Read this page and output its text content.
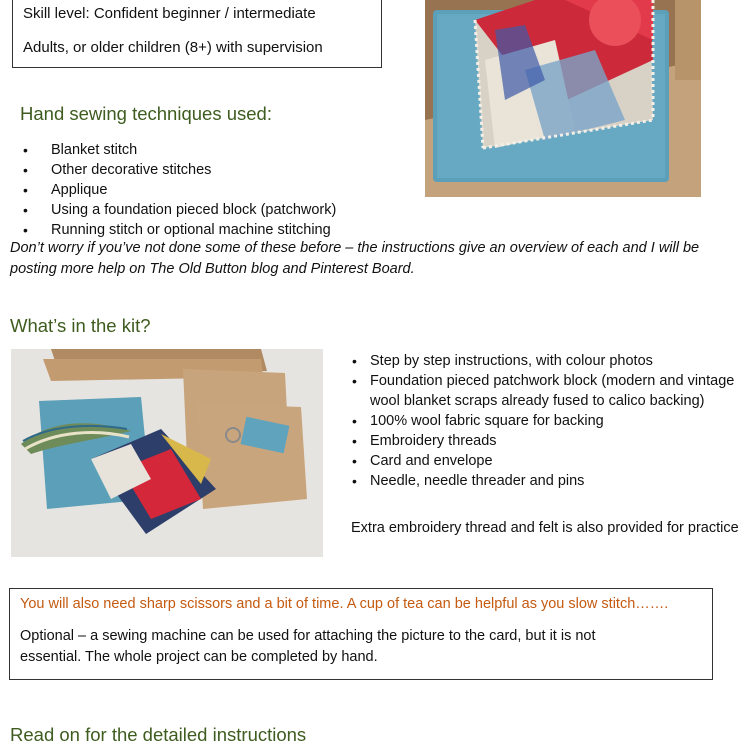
Skill level: Confident beginner / intermediate

Adults, or older children (8+) with supervision

Hand sewing techniques used:
• Blanket stitch
• Other decorative stitches
• Applique
• Using a foundation pieced block (patchwork)
• Running stitch or optional machine stitching
Don’t worry if you’ve not done some of these before – the instructions give an overview of each and I will be posting more help on The Old Button blog and Pinterest Board.
What’s in the kit?
• Step by step instructions, with colour photos
• Foundation pieced patchwork block (modern and vintage wool blanket scraps already fused to calico backing)
• 100% wool fabric square for backing
• Embroidery threads
• Card and envelope
• Needle, needle threader and pins
Extra embroidery thread and felt is also provided for practice
You will also need sharp scissors and a bit of time. A cup of tea can be helpful as you slow stitch…….
Optional – a sewing machine can be used for attaching the picture to the card, but it is not essential. The whole project can be completed by hand.
Read on for the detailed instructions
